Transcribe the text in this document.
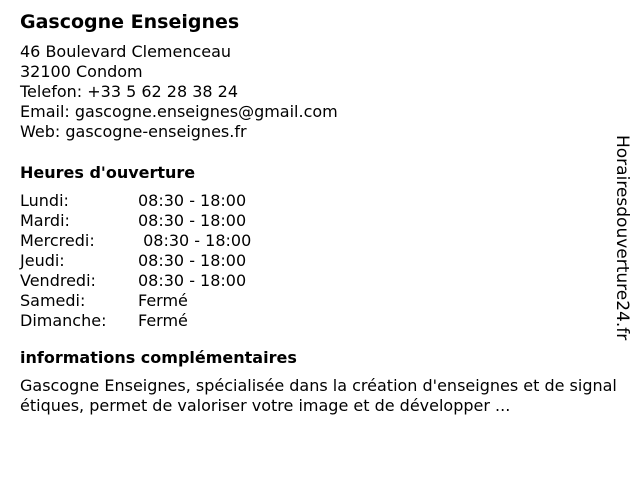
Gascogne Enseignes
46 Boulevard Clemenceau
32100 Condom
Telefon: +33 5 62 28 38 24
Email: gascogne.enseignes@gmail.com
Web: gascogne-enseignes.fr
Heures d'ouverture
Lundi:	08:30 - 18:00
Mardi:	08:30 - 18:00
Mercredi:	08:30 - 18:00
Jeudi:	08:30 - 18:00
Vendredi:	08:30 - 18:00
Samedi:	Fermé
Dimanche:	Fermé
informations complémentaires
Gascogne Enseignes, spécialisée dans la création d'enseignes et de signalétiques, permet de valoriser votre image et de développer ...
Horairesdouverture24.fr
